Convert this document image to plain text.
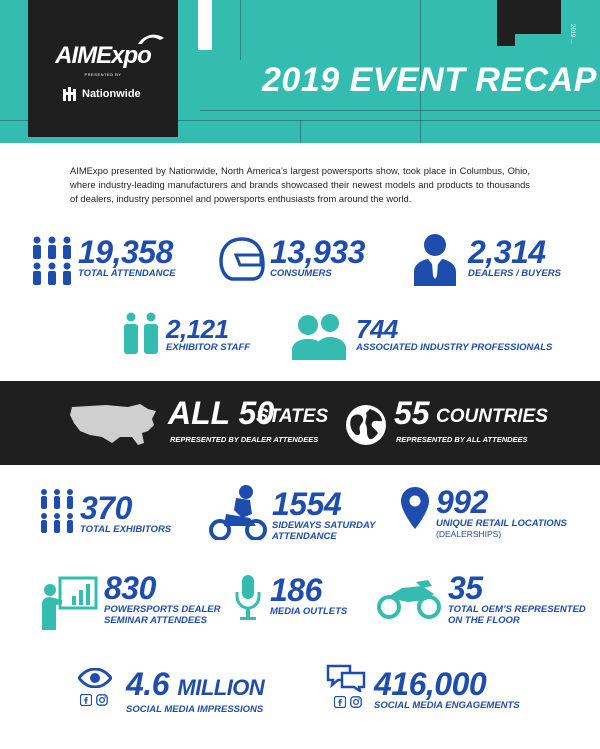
2019 ...
AIMExpo
PRESENTED BY
Nationwide	2019 EVENT RECAP

AIMExpo presented by Nationwide, North America’s largest powersports show, took place in Columbus, Ohio, where industry-leading manufacturers and brands showcased their newest models and products to thousands of dealers, industry personnel and powersports enthusiasts from around the world.

19,358
TOTAL ATTENDANCE
13,933
CONSUMERS
2,314
DEALERS / BUYERS
2,121
EXHIBITOR STAFF
744
ASSOCIATED INDUSTRY PROFESSIONALS
ALL 50
STATES
REPRESENTED BY DEALER ATTENDEES
55 COUNTRIES
REPRESENTED BY ALL ATTENDEES
370
TOTAL EXHIBITORS
1554
SIDEWAYS SATURDAY
ATTENDANCE
992
UNIQUE RETAIL LOCATIONS
(DEALERSHIPS)
830
POWERSPORTS DEALER
SEMINAR ATTENDEES
186
MEDIA OUTLETS
35
TOTAL OEM’S REPRESENTED
ON THE FLOOR
4.6 MILLION
SOCIAL MEDIA IMPRESSIONS
416,000
SOCIAL MEDIA ENGAGEMENTS
